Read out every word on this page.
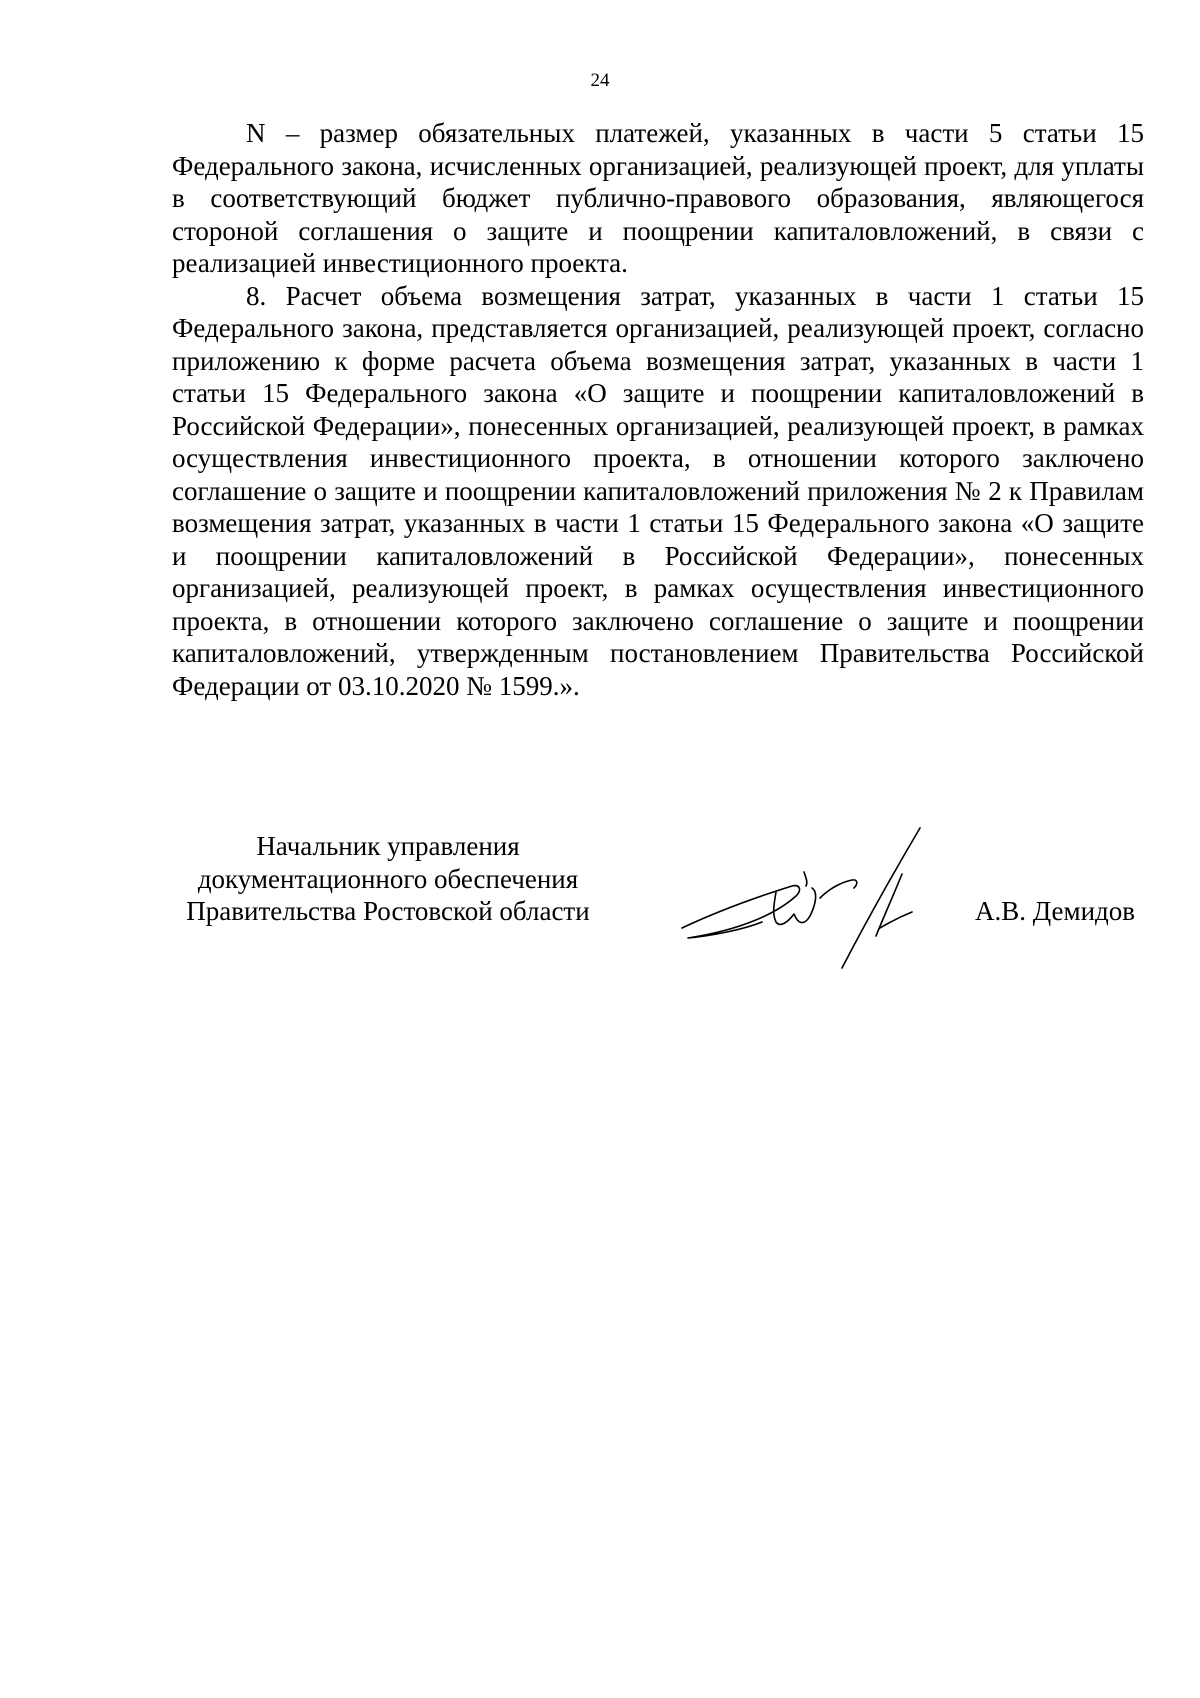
24

N – размер обязательных платежей, указанных в части 5 статьи 15 Федерального закона, исчисленных организацией, реализующей проект, для уплаты в соответствующий бюджет публично-правового образования, являющегося стороной соглашения о защите и поощрении капиталовложений, в связи с реализацией инвестиционного проекта.

8. Расчет объема возмещения затрат, указанных в части 1 статьи 15 Федерального закона, представляется организацией, реализующей проект, согласно приложению к форме расчета объема возмещения затрат, указанных в части 1 статьи 15 Федерального закона «О защите и поощрении капиталовложений в Российской Федерации», понесенных организацией, реализующей проект, в рамках осуществления инвестиционного проекта, в отношении которого заключено соглашение о защите и поощрении капиталовложений приложения № 2 к Правилам возмещения затрат, указанных в части 1 статьи 15 Федерального закона «О защите и поощрении капиталовложений в Российской Федерации», понесенных организацией, реализующей проект, в рамках осуществления инвестиционного проекта, в отношении которого заключено соглашение о защите и поощрении капиталовложений, утвержденным постановлением Правительства Российской Федерации от 03.10.2020 № 1599.».

Начальник управления
документационного обеспечения
Правительства Ростовской области	А.В. Демидов
